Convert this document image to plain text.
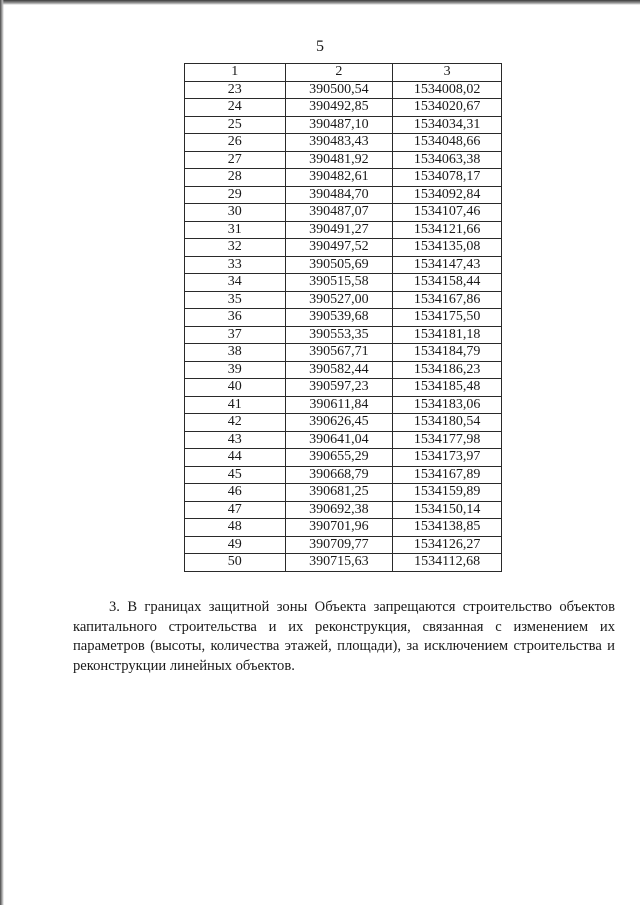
5
1	2	3
23	390500,54	1534008,02
24	390492,85	1534020,67
25	390487,10	1534034,31
26	390483,43	1534048,66
27	390481,92	1534063,38
28	390482,61	1534078,17
29	390484,70	1534092,84
30	390487,07	1534107,46
31	390491,27	1534121,66
32	390497,52	1534135,08
33	390505,69	1534147,43
34	390515,58	1534158,44
35	390527,00	1534167,86
36	390539,68	1534175,50
37	390553,35	1534181,18
38	390567,71	1534184,79
39	390582,44	1534186,23
40	390597,23	1534185,48
41	390611,84	1534183,06
42	390626,45	1534180,54
43	390641,04	1534177,98
44	390655,29	1534173,97
45	390668,79	1534167,89
46	390681,25	1534159,89
47	390692,38	1534150,14
48	390701,96	1534138,85
49	390709,77	1534126,27
50	390715,63	1534112,68
3. В границах защитной зоны Объекта запрещаются строительство объектов капитального строительства и их реконструкция, связанная с изменением их параметров (высоты, количества этажей, площади), за исключением строительства и реконструкции линейных объектов.
